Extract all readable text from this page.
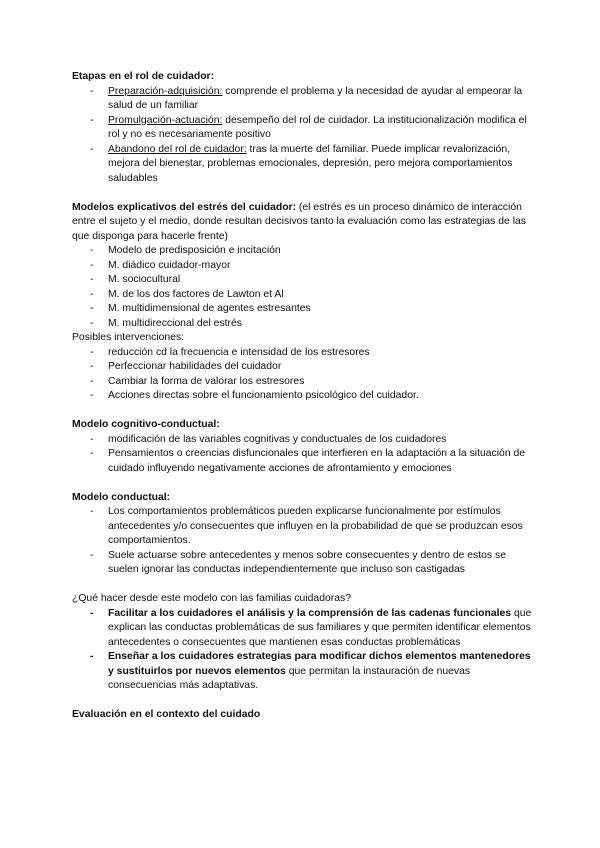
Etapas en el rol de cuidador:
- Preparación-adquisición: comprende el problema y la necesidad de ayudar al empeorar la salud de un familiar
- Promulgación-actuación: desempeño del rol de cuidador. La institucionalización modifica el rol y no es necesariamente positivo
- Abandono del rol de cuidador: tras la muerte del familiar. Puede implicar revalorización, mejora del bienestar, problemas emocionales, depresión, pero mejora comportamientos saludables
Modelos explicativos del estrés del cuidador: (el estrés es un proceso dinámico de interacción entre el sujeto y el medio, donde resultan decisivos tanto la evaluación como las estrategias de las que disponga para hacerle frente)
- Modelo de predisposición e incitación
- M. diádico cuidador-mayor
- M. sociocultural
- M. de los dos factores de Lawton et Al
- M. multidimensional de agentes estresantes
- M. multidireccional del estrés
Posibles intervenciones:
- reducción cd la frecuencia e intensidad de los estresores
- Perfeccionar habilidades del cuidador
- Cambiar la forma de valorar los estresores
- Acciones directas sobre el funcionamiento psicológico del cuidador.
Modelo cognitivo-conductual:
- modificación de las variables cognitivas y conductuales de los cuidadores
- Pensamientos o creencias disfuncionales que interfieren en la adaptación a la situación de cuidado influyendo negativamente acciones de afrontamiento y emociones
Modelo conductual:
- Los comportamientos problemáticos pueden explicarse funcionalmente por estímulos antecedentes y/o consecuentes que influyen en la probabilidad de que se produzcan esos comportamientos.
- Suele actuarse sobre antecedentes y menos sobre consecuentes y dentro de estos se suelen ignorar las conductas independientemente que incluso son castigadas
¿Qué hacer desde este modelo con las familias cuidadoras?
- Facilitar a los cuidadores el análisis y la comprensión de las cadenas funcionales que explican las conductas problemáticas de sus familiares y que permiten identificar elementos antecedentes o consecuentes que mantienen esas conductas problemáticas
- Enseñar a los cuidadores estrategias para modificar dichos elementos mantenedores y sustituirlos por nuevos elementos que permitan la instauración de nuevas consecuencias más adaptativas.
Evaluación en el contexto del cuidado
